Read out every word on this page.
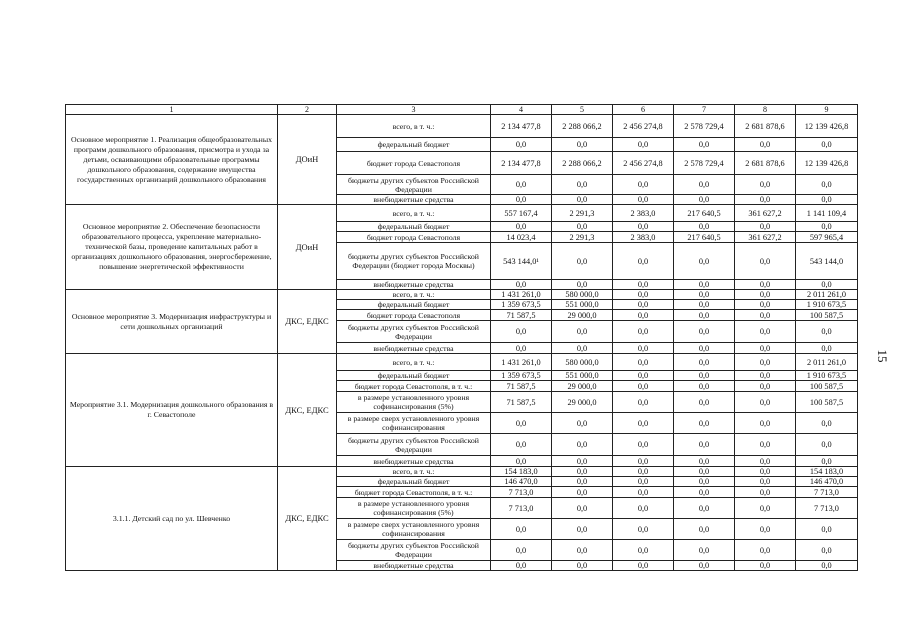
1	2	3	4	5	6	7	8	9
Основное мероприятие 1. Реализация общеобразовательных программ дошкольного образования, присмотра и ухода за детьми, осваивающими образовательные программы дошкольного образования, содержание имущества государственных организаций дошкольного образования	ДОиН	всего, в т. ч.:	2 134 477,8	2 288 066,2	2 456 274,8	2 578 729,4	2 681 878,6	12 139 426,8
		федеральный бюджет	0,0	0,0	0,0	0,0	0,0	0,0
		бюджет города Севастополя	2 134 477,8	2 288 066,2	2 456 274,8	2 578 729,4	2 681 878,6	12 139 426,8
		бюджеты других субъектов Российской Федерации	0,0	0,0	0,0	0,0	0,0	0,0
		внебюджетные средства	0,0	0,0	0,0	0,0	0,0	0,0
Основное мероприятие 2. Обеспечение безопасности образовательного процесса, укрепление материально-технической базы, проведение капитальных работ в организациях дошкольного образования, энергосбережение, повышение энергетической эффективности	ДОиН	всего, в т. ч.:	557 167,4	2 291,3	2 383,0	217 640,5	361 627,2	1 141 109,4
		федеральный бюджет	0,0	0,0	0,0	0,0	0,0	0,0
		бюджет города Севастополя	14 023,4	2 291,3	2 383,0	217 640,5	361 627,2	597 965,4
		бюджеты других субъектов Российской Федерации (бюджет города Москвы)	543 144,0¹	0,0	0,0	0,0	0,0	543 144,0
		внебюджетные средства	0,0	0,0	0,0	0,0	0,0	0,0
Основное мероприятие 3. Модернизация инфраструктуры и сети дошкольных организаций	ДКС, ЕДКС	всего, в т. ч.:	1 431 261,0	580 000,0	0,0	0,0	0,0	2 011 261,0
		федеральный бюджет	1 359 673,5	551 000,0	0,0	0,0	0,0	1 910 673,5
		бюджет города Севастополя	71 587,5	29 000,0	0,0	0,0	0,0	100 587,5
		бюджеты других субъектов Российской Федерации	0,0	0,0	0,0	0,0	0,0	0,0
		внебюджетные средства	0,0	0,0	0,0	0,0	0,0	0,0
Мероприятие 3.1. Модернизация дошкольного образования в г. Севастополе	ДКС, ЕДКС	всего, в т. ч.:	1 431 261,0	580 000,0	0,0	0,0	0,0	2 011 261,0
		федеральный бюджет	1 359 673,5	551 000,0	0,0	0,0	0,0	1 910 673,5
		бюджет города Севастополя, в т. ч.:	71 587,5	29 000,0	0,0	0,0	0,0	100 587,5
		в размере установленного уровня софинансирования (5%)	71 587,5	29 000,0	0,0	0,0	0,0	100 587,5
		в размере сверх установленного уровня софинансирования	0,0	0,0	0,0	0,0	0,0	0,0
		бюджеты других субъектов Российской Федерации	0,0	0,0	0,0	0,0	0,0	0,0
		внебюджетные средства	0,0	0,0	0,0	0,0	0,0	0,0
3.1.1. Детский сад по ул. Шевченко	ДКС, ЕДКС	всего, в т. ч.:	154 183,0	0,0	0,0	0,0	0,0	154 183,0
		федеральный бюджет	146 470,0	0,0	0,0	0,0	0,0	146 470,0
		бюджет города Севастополя, в т. ч.:	7 713,0	0,0	0,0	0,0	0,0	7 713,0
		в размере установленного уровня софинансирования (5%)	7 713,0	0,0	0,0	0,0	0,0	7 713,0
		в размере сверх установленного уровня софинансирования	0,0	0,0	0,0	0,0	0,0	0,0
		бюджеты других субъектов Российской Федерации	0,0	0,0	0,0	0,0	0,0	0,0
		внебюджетные средства	0,0	0,0	0,0	0,0	0,0	0,0
15
